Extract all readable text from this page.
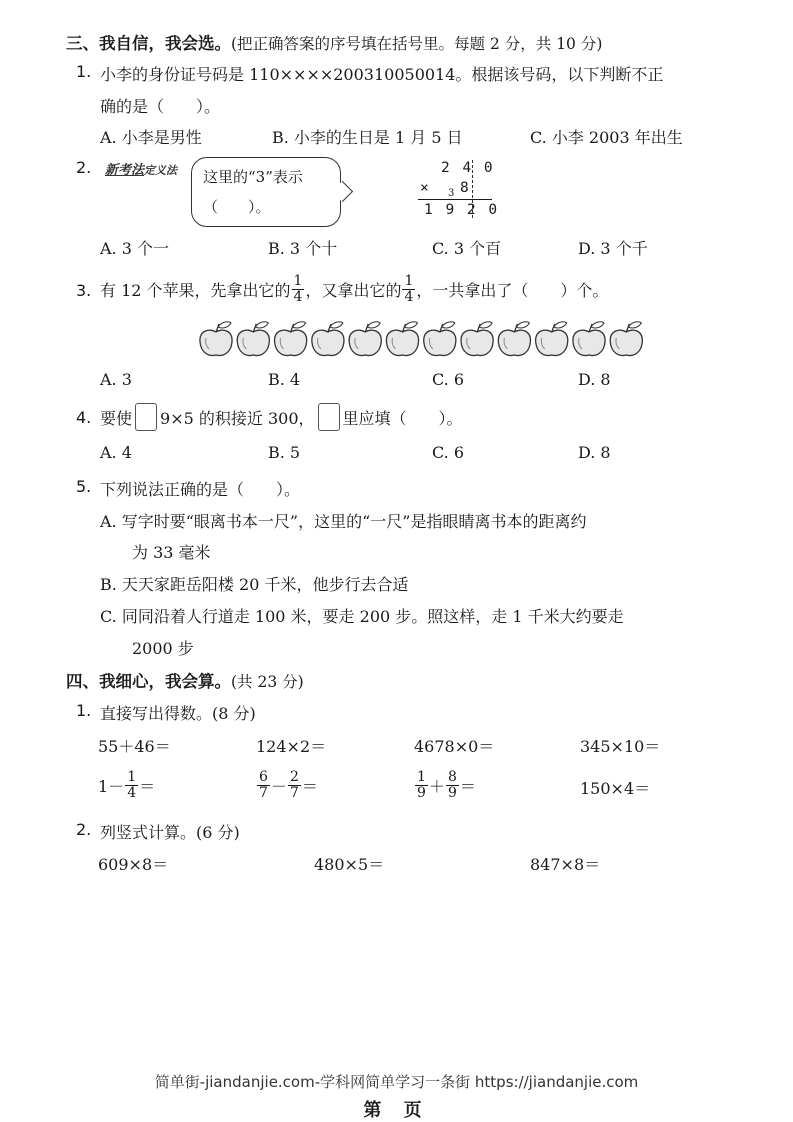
三、我自信，我会选。(把正确答案的序号填在括号里。每题 2 分，共 10 分)
1. 小李的身份证号码是 110××××200310050014。根据该号码，以下判断不正
确的是（　　）。
A. 小李是男性	B. 小李的生日是 1 月 5 日	C. 小李 2003 年出生
2. 新考法定义法 这里的“3”表示
（　　）。
2 4 0
× 3 8
1 9 2 0
A. 3 个一	B. 3 个十	C. 3 个百	D. 3 个千
3. 有 12 个苹果，先拿出它的 $\frac{1}{4}$ ，又拿出它的 $\frac{1}{4}$ ，一共拿出了（　　）个。
A. 3	B. 4	C. 6	D. 8
4. 要使 9×5 的积接近 300， 里应填（　　）。
A. 4	B. 5	C. 6	D. 8
5. 下列说法正确的是（　　）。
A. 写字时要“眼离书本一尺”，这里的“一尺”是指眼睛离书本的距离约
为 33 毫米
B. 天天家距岳阳楼 20 千米，他步行去合适
C. 同同沿着人行道走 100 米，要走 200 步。照这样，走 1 千米大约要走
2000 步
四、我细心，我会算。(共 23 分)
1. 直接写出得数。(8 分)
55＋46＝	124×2＝	4678×0＝	345×10＝
$1- \frac{1}{4}$ ＝	$\frac{6}{7} - \frac{2}{7}$ ＝	$\frac{1}{9} + \frac{8}{9}$ ＝	150×4＝
2. 列竖式计算。(6 分)
609×8＝	480×5＝	847×8＝
简单街-jiandanjie.com-学科网简单学习一条街 https://jiandanjie.com
第 页
